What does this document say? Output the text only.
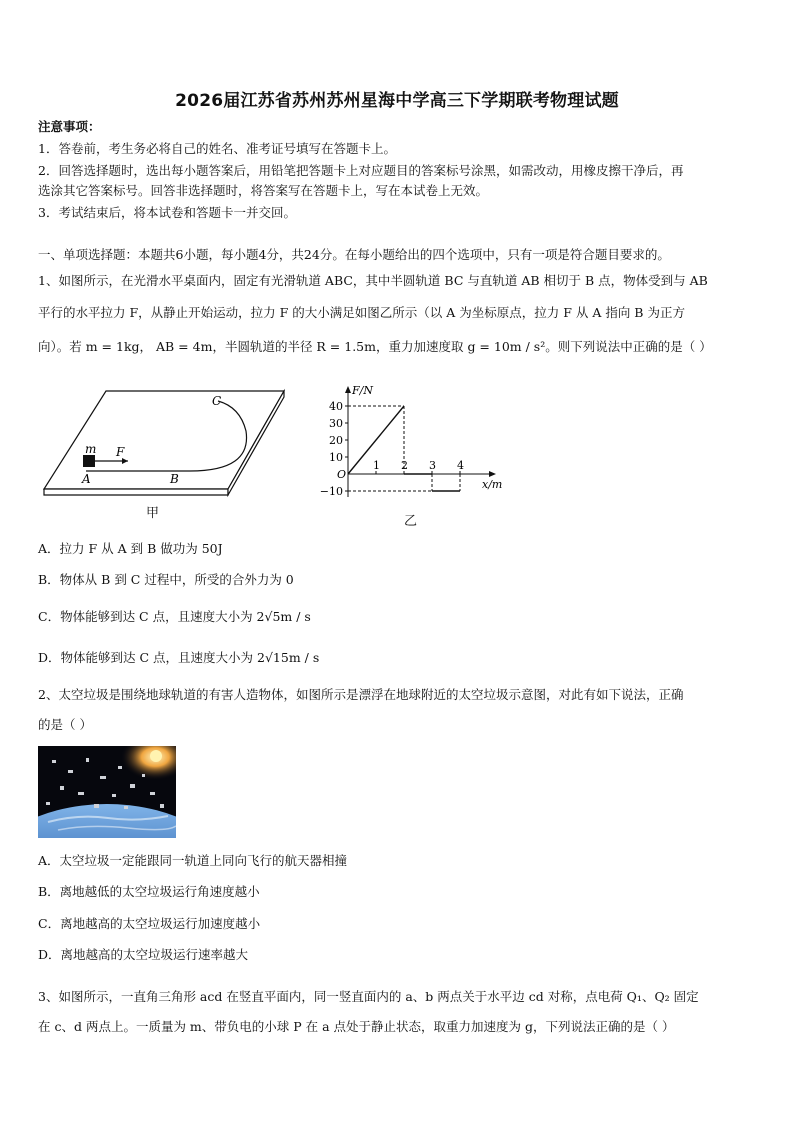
2026届江苏省苏州苏州星海中学高三下学期联考物理试题
注意事项：
1．答卷前，考生务必将自己的姓名、准考证号填写在答题卡上。
2．回答选择题时，选出每小题答案后，用铅笔把答题卡上对应题目的答案标号涂黑，如需改动，用橡皮擦干净后，再
选涂其它答案标号。回答非选择题时，将答案写在答题卡上，写在本试卷上无效。
3．考试结束后，将本试卷和答题卡一并交回。
一、单项选择题：本题共6小题，每小题4分，共24分。在每小题给出的四个选项中，只有一项是符合题目要求的。
1、如图所示，在光滑水平桌面内，固定有光滑轨道 ABC，其中半圆轨道 BC 与直轨道 AB 相切于 B 点，物体受到与 AB
平行的水平拉力 F，从静止开始运动，拉力 F 的大小满足如图乙所示（以 A 为坐标原点，拉力 F 从 A 指向 B 为正方
向）。若 m = 1kg， AB = 4m，半圆轨道的半径 R = 1.5m，重力加速度取 g = 10m / s²。则下列说法中正确的是（ ）
m F
A	B
C
甲
F/N
x/m
O
40
30
20
10
−10
1 2 3 4
乙
A．拉力 F 从 A 到 B 做功为 50J
B．物体从 B 到 C 过程中，所受的合外力为 0
C．物体能够到达 C 点，且速度大小为 2√5m / s
D．物体能够到达 C 点，且速度大小为 2√15m / s
2、太空垃圾是围绕地球轨道的有害人造物体，如图所示是漂浮在地球附近的太空垃圾示意图，对此有如下说法，正确
的是（ ）
A．太空垃圾一定能跟同一轨道上同向飞行的航天器相撞
B．离地越低的太空垃圾运行角速度越小
C．离地越高的太空垃圾运行加速度越小
D．离地越高的太空垃圾运行速率越大
3、如图所示，一直角三角形 acd 在竖直平面内，同一竖直面内的 a、b 两点关于水平边 cd 对称，点电荷 Q₁、Q₂ 固定
在 c、d 两点上。一质量为 m、带负电的小球 P 在 a 点处于静止状态，取重力加速度为 g，下列说法正确的是（ ）
